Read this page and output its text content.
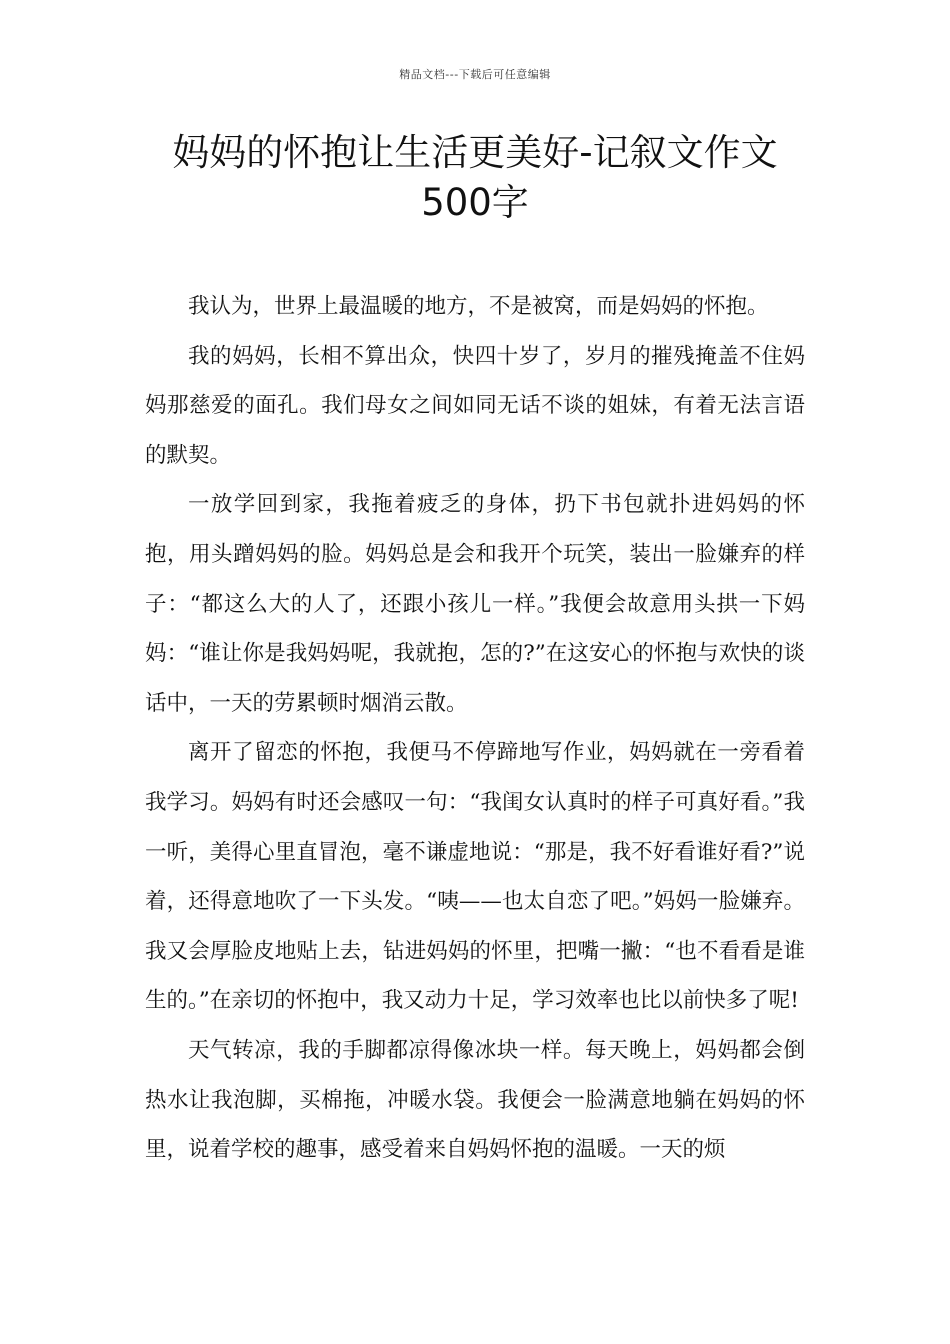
精品文档---下载后可任意编辑
妈妈的怀抱让生活更美好-记叙文作文500字

我认为，世界上最温暖的地方，不是被窝，而是妈妈的怀抱。

我的妈妈，长相不算出众，快四十岁了，岁月的摧残掩盖不住妈妈那慈爱的面孔。我们母女之间如同无话不谈的姐妹，有着无法言语的默契。

一放学回到家，我拖着疲乏的身体，扔下书包就扑进妈妈的怀抱，用头蹭妈妈的脸。妈妈总是会和我开个玩笑，装出一脸嫌弃的样子：“都这么大的人了，还跟小孩儿一样。”我便会故意用头拱一下妈妈：“谁让你是我妈妈呢，我就抱，怎的?”在这安心的怀抱与欢快的谈话中，一天的劳累顿时烟消云散。

离开了留恋的怀抱，我便马不停蹄地写作业，妈妈就在一旁看着我学习。妈妈有时还会感叹一句：“我闺女认真时的样子可真好看。”我一听，美得心里直冒泡，毫不谦虚地说：“那是，我不好看谁好看?”说着，还得意地吹了一下头发。“咦——也太自恋了吧。”妈妈一脸嫌弃。我又会厚脸皮地贴上去，钻进妈妈的怀里，把嘴一撇：“也不看看是谁生的。”在亲切的怀抱中，我又动力十足，学习效率也比以前快多了呢!

天气转凉，我的手脚都凉得像冰块一样。每天晚上，妈妈都会倒热水让我泡脚，买棉拖，冲暖水袋。我便会一脸满意地躺在妈妈的怀里，说着学校的趣事，感受着来自妈妈怀抱的温暖。一天的烦
